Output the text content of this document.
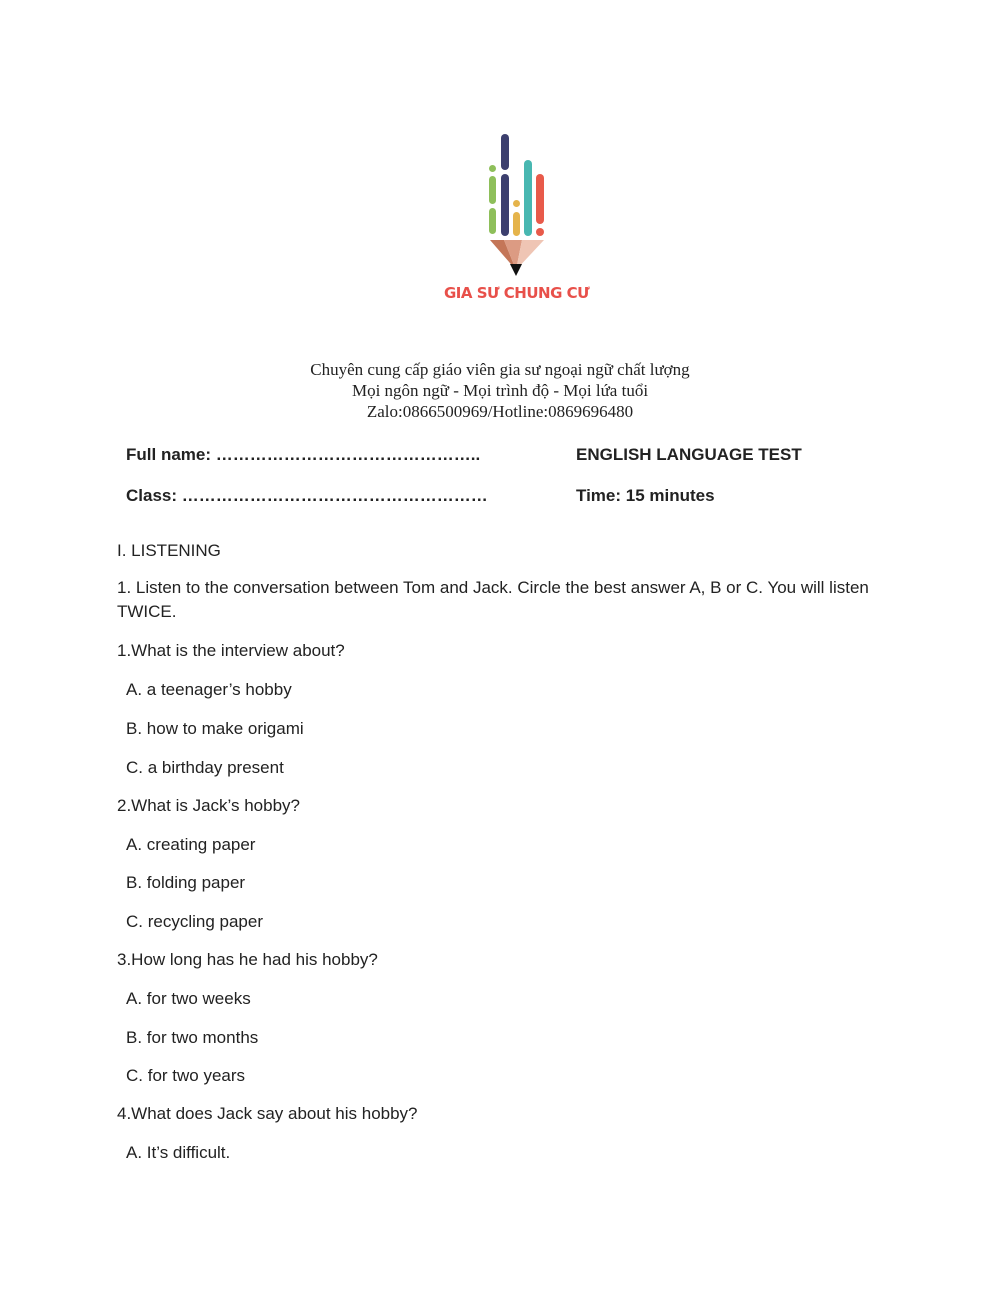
GIA SƯ CHUNG CƯ
Chuyên cung cấp giáo viên gia sư ngoại ngữ chất lượng
Mọi ngôn ngữ - Mọi trình độ - Mọi lứa tuổi
Zalo:0866500969/Hotline:0869696480
Full name: ………………………………………..	ENGLISH LANGUAGE TEST
Class: ………………………………………………	Time: 15 minutes
I. LISTENING
1. Listen to the conversation between Tom and Jack. Circle the best answer A, B or C. You will listen TWICE.
1.What is the interview about?
A. a teenager’s hobby
B. how to make origami
C. a birthday present
2.What is Jack’s hobby?
A. creating paper
B. folding paper
C. recycling paper
3.How long has he had his hobby?
A. for two weeks
B. for two months
C. for two years
4.What does Jack say about his hobby?
A. It’s difficult.
